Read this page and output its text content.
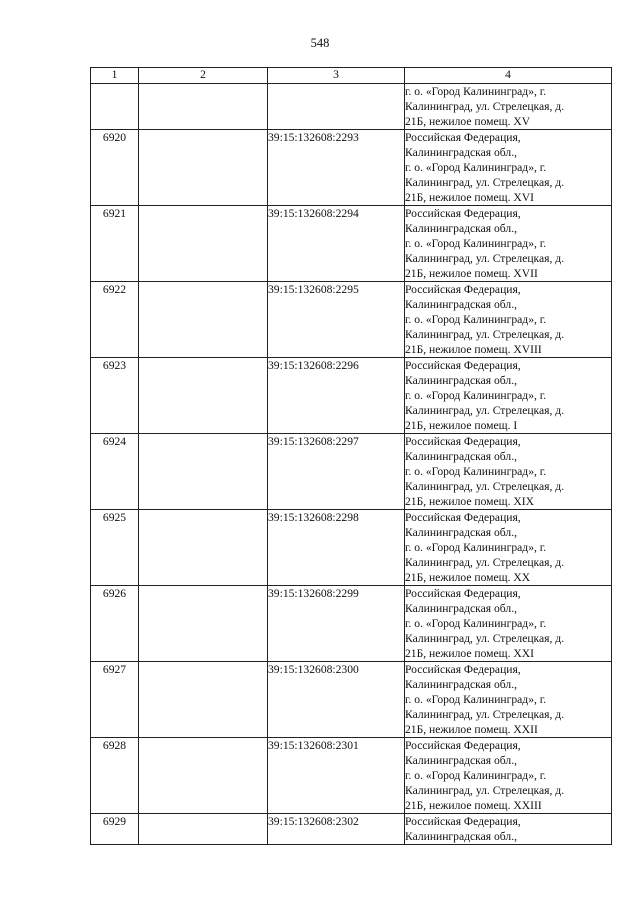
548
1	2	3	4

			г. о. «Город Калининград», г.
Калининград, ул. Стрелецкая, д.
21Б, нежилое помещ. XV

6920		39:15:132608:2293	Российская Федерация,
Калининградская обл.,
г. о. «Город Калининград», г.
Калининград, ул. Стрелецкая, д.
21Б, нежилое помещ. XVI

6921		39:15:132608:2294	Российская Федерация,
Калининградская обл.,
г. о. «Город Калининград», г.
Калининград, ул. Стрелецкая, д.
21Б, нежилое помещ. XVII

6922		39:15:132608:2295	Российская Федерация,
Калининградская обл.,
г. о. «Город Калининград», г.
Калининград, ул. Стрелецкая, д.
21Б, нежилое помещ. XVIII

6923		39:15:132608:2296	Российская Федерация,
Калининградская обл.,
г. о. «Город Калининград», г.
Калининград, ул. Стрелецкая, д.
21Б, нежилое помещ. I

6924		39:15:132608:2297	Российская Федерация,
Калининградская обл.,
г. о. «Город Калининград», г.
Калининград, ул. Стрелецкая, д.
21Б, нежилое помещ. XIX

6925		39:15:132608:2298	Российская Федерация,
Калининградская обл.,
г. о. «Город Калининград», г.
Калининград, ул. Стрелецкая, д.
21Б, нежилое помещ. XX

6926		39:15:132608:2299	Российская Федерация,
Калининградская обл.,
г. о. «Город Калининград», г.
Калининград, ул. Стрелецкая, д.
21Б, нежилое помещ. XXI

6927		39:15:132608:2300	Российская Федерация,
Калининградская обл.,
г. о. «Город Калининград», г.
Калининград, ул. Стрелецкая, д.
21Б, нежилое помещ. XXII

6928		39:15:132608:2301	Российская Федерация,
Калининградская обл.,
г. о. «Город Калининград», г.
Калининград, ул. Стрелецкая, д.
21Б, нежилое помещ. XXIII

6929		39:15:132608:2302	Российская Федерация,
Калининградская обл.,
